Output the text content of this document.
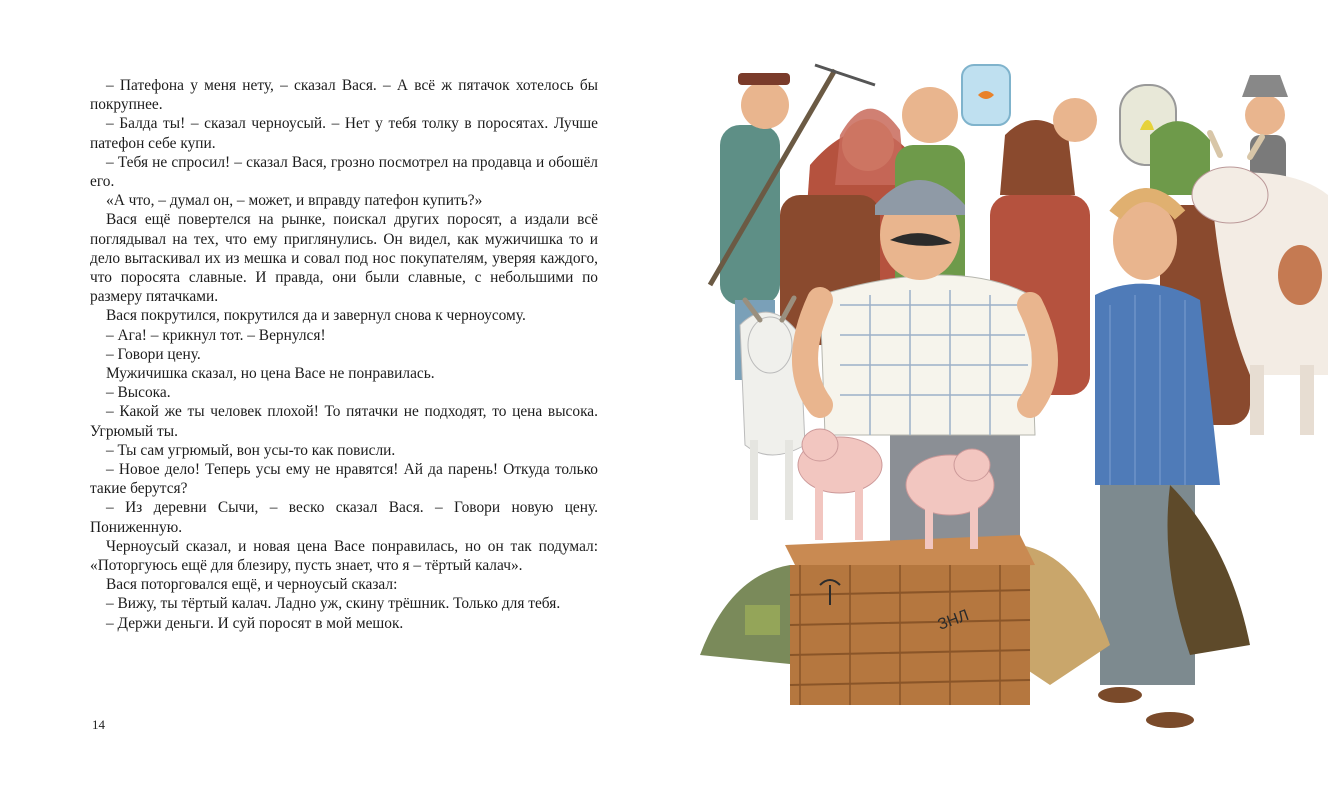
– Патефона у меня нету, – сказал Вася. – А всё ж пятачок хотелось бы покрупнее.

– Балда ты! – сказал черноусый. – Нет у тебя толку в поросятах. Лучше патефон себе купи.

– Тебя не спросил! – сказал Вася, грозно посмотрел на продавца и обошёл его.

«А что, – думал он, – может, и вправду патефон купить?»

Вася ещё повертелся на рынке, поискал других поросят, а издали всё поглядывал на тех, что ему приглянулись. Он видел, как мужичишка то и дело вытаскивал их из мешка и совал под нос покупателям, уверяя каждого, что поросята славные. И правда, они были славные, с небольшими по размеру пятачками.

Вася покрутился, покрутился да и завернул снова к черноусому.

– Ага! – крикнул тот. – Вернулся!

– Говори цену.

Мужичишка сказал, но цена Васе не понравилась.

– Высока.

– Какой же ты человек плохой! То пятачки не подходят, то цена высока. Угрюмый ты.

– Ты сам угрюмый, вон усы-то как повисли.

– Новое дело! Теперь усы ему не нравятся! Ай да парень! Откуда только такие берутся?

– Из деревни Сычи, – веско сказал Вася. – Говори новую цену. Пониженную.

Черноусый сказал, и новая цена Васе понравилась, но он так подумал: «Поторгуюсь ещё для блезиру, пусть знает, что я – тёртый калач».

Вася поторговался ещё, и черноусый сказал:

– Вижу, ты тёртый калач. Ладно уж, скину трёшник. Только для тебя.

– Держи деньги. И суй поросят в мой мешок.

14
ЗНЛ
